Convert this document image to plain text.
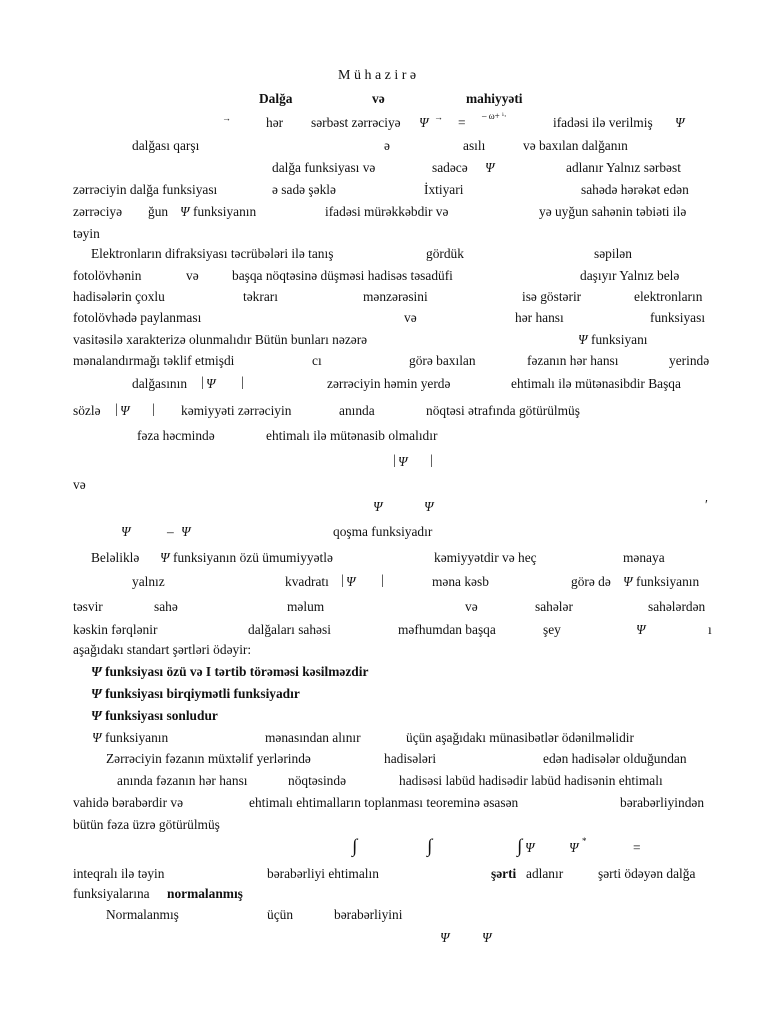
M ü h a z i r ə
Dalğa	və	mahiyyəti
→	hər sərbəst zərrəciyə Ψ → = – ω+ ⁱ·	ifadəsi ilə verilmiş Ψ
dalğası qarşı	ə	asılı	və baxılan dalğanın
dalğa funksiyası və	sadəcə Ψ	adlanır Yalnız sərbəst
zərrəciyin dalğa funksiyası	ə sadə şəklə	İxtiyari	sahədə hərəkət edən
zərrəciyə ğun Ψ funksiyanın	ifadəsi mürəkkəbdir və	yə uyğun sahənin təbiəti ilə
təyin
Elektronların difraksiyası təcrübələri ilə tanış	gördük	səpilən
fotolövhənin	və başqa nöqtəsinə düşməsi hadisəs təsadüfi	daşıyır Yalnız belə
hadisələrin çoxlu	təkrarı	mənzərəsini	isə göstərir	elektronların
fotolövhədə paylanması	və	hər hansı	funksiyası
vasitəsilə xarakterizə olunmalıdır Bütün bunları nəzərə	Ψ funksiyanı
mənalandırmağı təklif etmişdi	cı	görə baxılan	fəzanın hər hansı	yerində
dalğasının | Ψ |	zərrəciyin həmin yerdə	ehtimalı ilə mütənasibdir Başqa
sözlə | Ψ | kəmiyyəti zərrəciyin	anında	nöqtəsi ətrafında götürülmüş
fəza həcmində	ehtimalı ilə mütənasib olmalıdır
| Ψ |
və
Ψ	Ψ	′
Ψ	– Ψ	qoşma funksiyadır
Beləliklə Ψ funksiyanın özü ümumiyyətlə	kəmiyyətdir və heç	mənaya
yalnız	kvadratı | Ψ |	məna kəsb	görə də Ψ funksiyanın
təsvir	sahə	məlum	və	sahələr	sahələrdən
kəskin fərqlənir	dalğaları sahəsi	məfhumdan başqa	şey	Ψ	ı
aşağıdakı standart şərtləri ödəyir:
Ψ funksiyası özü və I tərtib törəməsi kəsilməzdir
Ψ funksiyası birqiymətli funksiyadır
Ψ funksiyası sonludur
Ψ funksiyanın	mənasından alınır	üçün aşağıdakı münasibətlər ödənilməlidir
Zərrəciyin fəzanın müxtəlif yerlərində	hadisələri	edən hadisələr olduğundan
anında fəzanın hər hansı	nöqtəsində	hadisəsi labüd hadisədir labüd hadisənin ehtimalı
vahidə bərabərdir və	ehtimalı ehtimalların toplanması teoreminə əsasən	bərabərliyindən
bütün fəza üzrə götürülmüş
∫	∫	∫ Ψ	Ψ *	=
inteqralı ilə təyin	bərabərliyi ehtimalın	şərti adlanır	şərti ödəyən dalğa
funksiyalarına normalanmış
Normalanmış	üçün	bərabərliyini
Ψ Ψ
